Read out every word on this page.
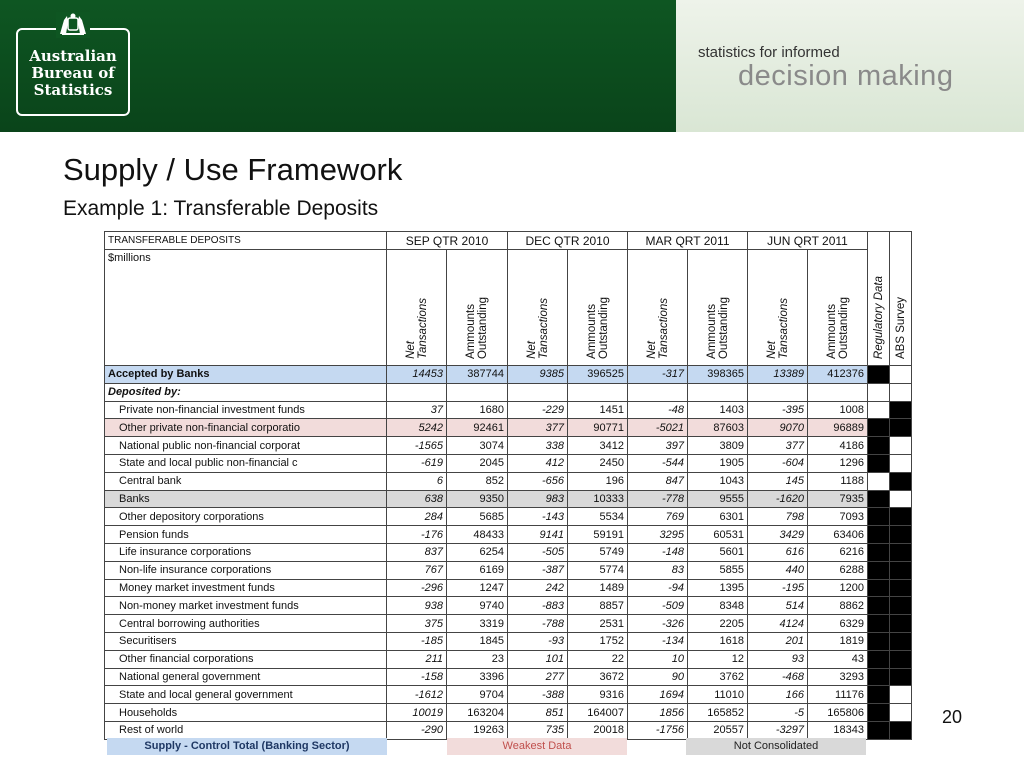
Australian
Bureau of
Statistics
statistics for informed
decision making
Supply / Use Framework
Example 1: Transferable Deposits
TRANSFERABLE DEPOSITS	SEP QTR 2010		DEC QTR 2010		MAR QRT 2011		JUN QRT 2011		Regulatory Data	ABS Survey
$millions	NetTansactions	AmmountsOutstanding	NetTansactions	AmmountsOutstanding	NetTansactions	AmmountsOutstanding	NetTansactions	AmmountsOutstanding		
Accepted by Banks	14453	387744	9385	396525	-317	398365	13389	412376		
Deposited by:										
Private non-financial investment funds	37	1680	-229	1451	-48	1403	-395	1008		
Other private non-financial corporatio	5242	92461	377	90771	-5021	87603	9070	96889		
National public non-financial corporat	-1565	3074	338	3412	397	3809	377	4186		
State and local public non-financial c	-619	2045	412	2450	-544	1905	-604	1296		
Central bank	6	852	-656	196	847	1043	145	1188		
Banks	638	9350	983	10333	-778	9555	-1620	7935		
Other depository corporations	284	5685	-143	5534	769	6301	798	7093		
Pension funds	-176	48433	9141	59191	3295	60531	3429	63406		
Life insurance corporations	837	6254	-505	5749	-148	5601	616	6216		
Non-life insurance corporations	767	6169	-387	5774	83	5855	440	6288		
Money market investment funds	-296	1247	242	1489	-94	1395	-195	1200		
Non-money market investment funds	938	9740	-883	8857	-509	8348	514	8862		
Central borrowing authorities	375	3319	-788	2531	-326	2205	4124	6329		
Securitisers	-185	1845	-93	1752	-134	1618	201	1819		
Other financial corporations	211	23	101	22	10	12	93	43		
National general government	-158	3396	277	3672	90	3762	-468	3293		
State and local general government	-1612	9704	-388	9316	1694	11010	166	11176		
Households	10019	163204	851	164007	1856	165852	-5	165806		
Rest of world	-290	19263	735	20018	-1756	20557	-3297	18343		
20
Supply - Control Total (Banking Sector)	Weakest Data	Not Consolidated
